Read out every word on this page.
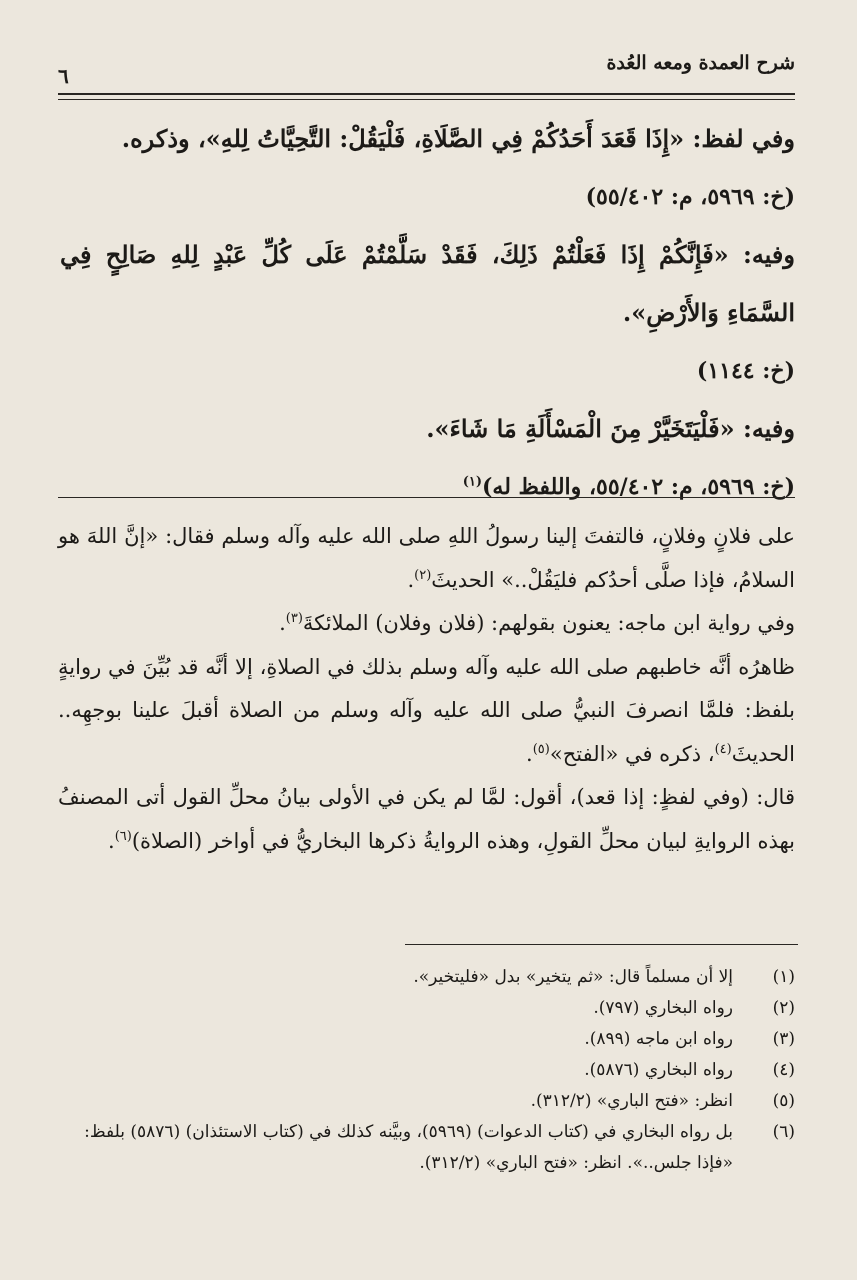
شرح العمدة ومعه العُدة
٦

وفي لفظ: «إِذَا قَعَدَ أَحَدُكُمْ فِي الصَّلَاةِ، فَلْيَقُلْ: التَّحِيَّاتُ لِلهِ»، وذكره.

(خ: ٥٩٦٩، م: ٥٥/٤٠٢)

وفيه: «فَإِنَّكُمْ إِذَا فَعَلْتُمْ ذَلِكَ، فَقَدْ سَلَّمْتُمْ عَلَى كُلِّ عَبْدٍ لِلهِ صَالِحٍ فِي السَّمَاءِ وَالأَرْضِ».

(خ: ١١٤٤)

وفيه: «فَلْيَتَخَيَّرْ مِنَ الْمَسْأَلَةِ مَا شَاءَ».

(خ: ٥٩٦٩، م: ٥٥/٤٠٢، واللفظ له)$^{(١)}$

على فلانٍ وفلانٍ، فالتفتَ إلينا رسولُ اللهِ صلى الله عليه وآله وسلم فقال: «إنَّ اللهَ هو السلامُ، فإذا صلَّى أحدُكم فليَقُلْ..» الحديثَ$^{(٢)}$.

وفي رواية ابن ماجه: يعنون بقولهم: (فلان وفلان) الملائكةَ$^{(٣)}$.

ظاهرُه أنَّه خاطبهم صلى الله عليه وآله وسلم بذلك في الصلاةِ، إلا أنَّه قد بُيِّنَ في روايةٍ بلفظ: فلمَّا انصرفَ النبيُّ صلى الله عليه وآله وسلم من الصلاة أقبلَ علينا بوجهِه.. الحديثَ$^{(٤)}$، ذكره في «الفتح»$^{(٥)}$.

قال: (وفي لفظٍ: إذا قعد)، أقول: لمَّا لم يكن في الأولى بيانُ محلِّ القول أتى المصنفُ بهذه الروايةِ لبيان محلِّ القولِ، وهذه الروايةُ ذكرها البخاريُّ في أواخر (الصلاة)$^{(٦)}$.

(١)
إلا أن مسلماً قال: «ثم يتخير» بدل «فليتخير».
(٢)
رواه البخاري (٧٩٧).
(٣)
رواه ابن ماجه (٨٩٩).
(٤)
رواه البخاري (٥٨٧٦).
(٥)
انظر: «فتح الباري» (٣١٢/٢).
(٦)
بل رواه البخاري في (كتاب الدعوات) (٥٩٦٩)، وبيَّنه كذلك في (كتاب الاستئذان) (٥٨٧٦) بلفظ: «فإذا جلس..». انظر: «فتح الباري» (٣١٢/٢).
